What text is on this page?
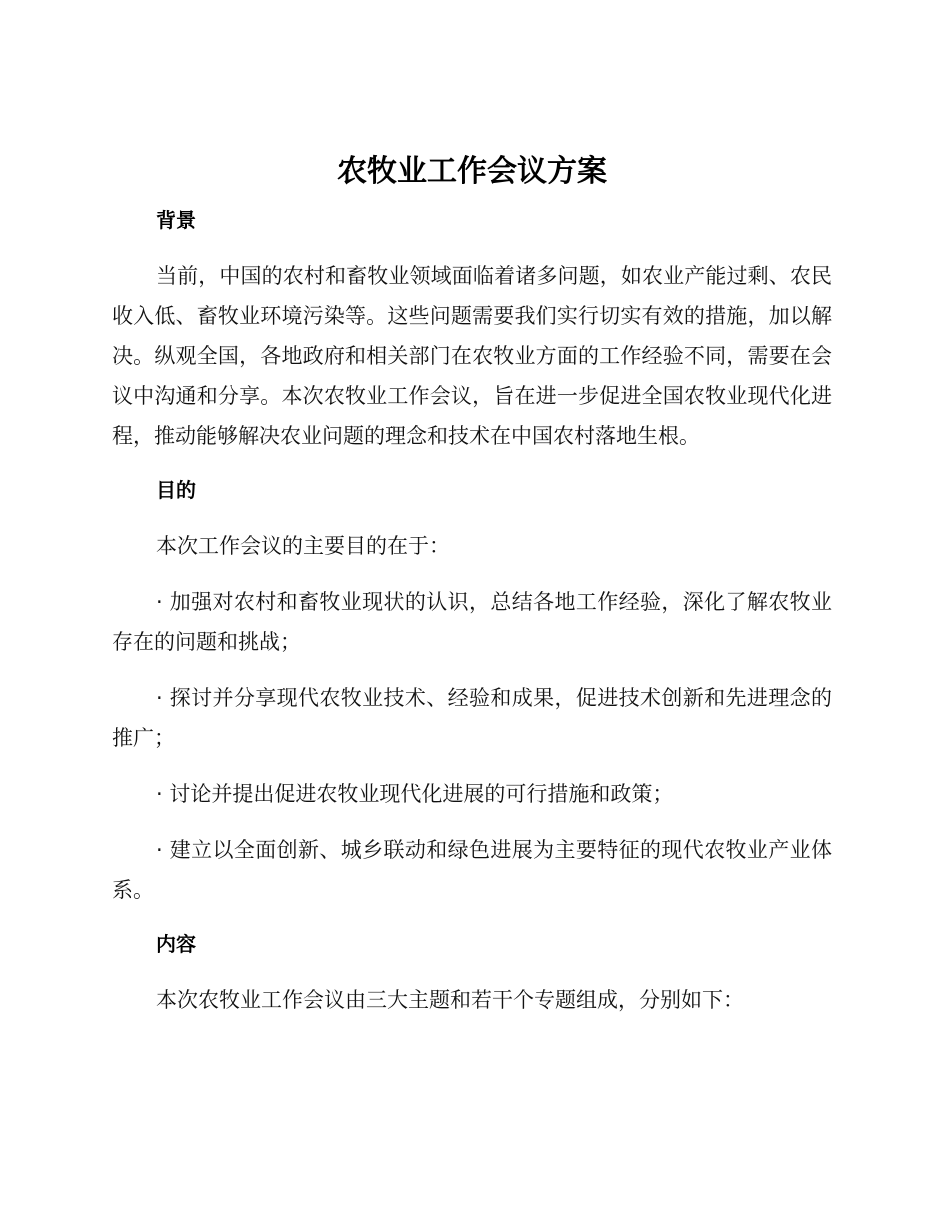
农牧业工作会议方案
背景

当前，中国的农村和畜牧业领域面临着诸多问题，如农业产能过剩、农民收入低、畜牧业环境污染等。这些问题需要我们实行切实有效的措施，加以解决。纵观全国，各地政府和相关部门在农牧业方面的工作经验不同，需要在会议中沟通和分享。本次农牧业工作会议，旨在进一步促进全国农牧业现代化进程，推动能够解决农业问题的理念和技术在中国农村落地生根。

目的

本次工作会议的主要目的在于：

· 加强对农村和畜牧业现状的认识，总结各地工作经验，深化了解农牧业存在的问题和挑战；

· 探讨并分享现代农牧业技术、经验和成果，促进技术创新和先进理念的推广；

· 讨论并提出促进农牧业现代化进展的可行措施和政策；

· 建立以全面创新、城乡联动和绿色进展为主要特征的现代农牧业产业体系。

内容

本次农牧业工作会议由三大主题和若干个专题组成，分别如下：
